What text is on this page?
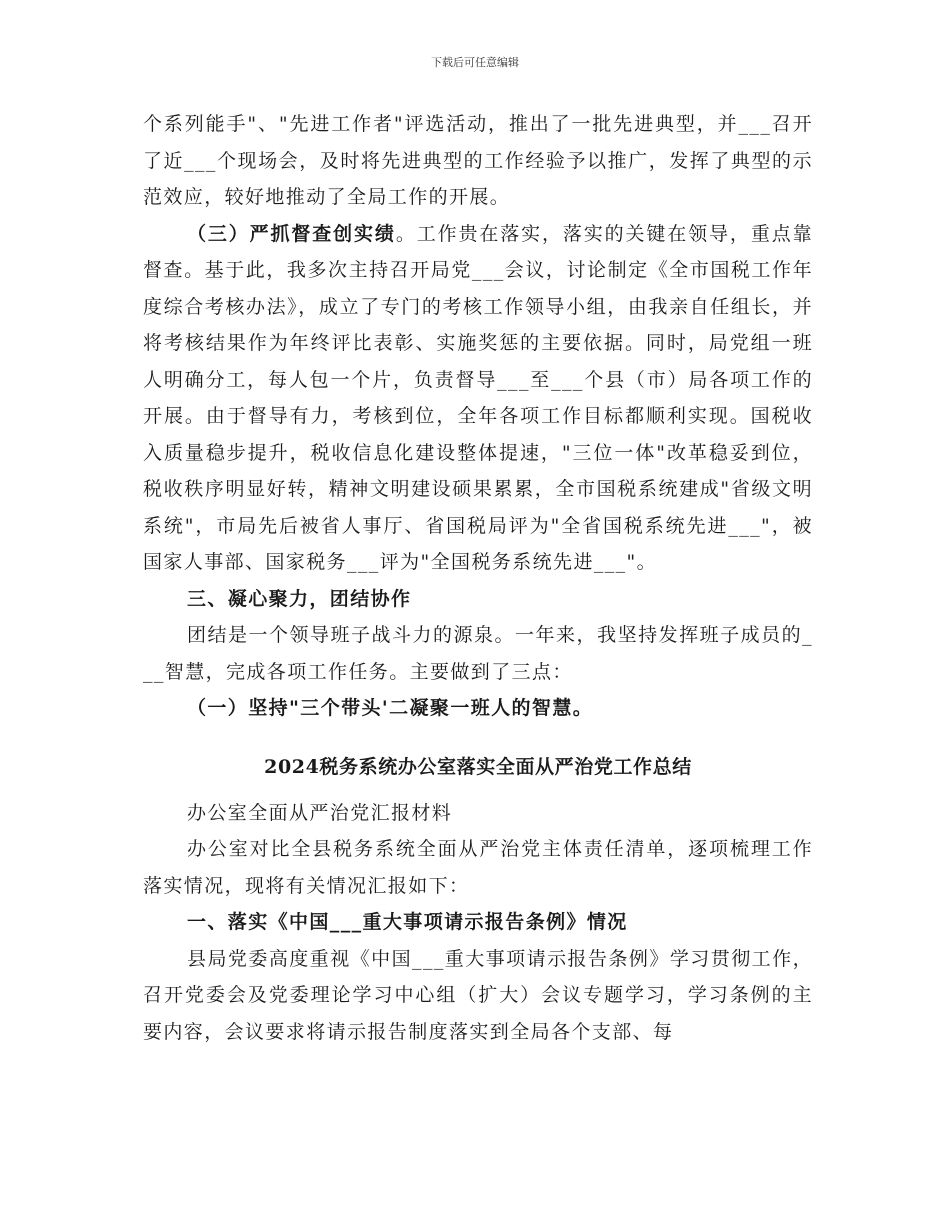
下载后可任意编辑

个系列能手"、"先进工作者"评选活动，推出了一批先进典型，并___召开了近___个现场会，及时将先进典型的工作经验予以推广，发挥了典型的示范效应，较好地推动了全局工作的开展。

（三）严抓督查创实绩。工作贵在落实，落实的关键在领导，重点靠督查。基于此，我多次主持召开局党___会议，讨论制定《全市国税工作年度综合考核办法》，成立了专门的考核工作领导小组，由我亲自任组长，并将考核结果作为年终评比表彰、实施奖惩的主要依据。同时，局党组一班人明确分工，每人包一个片，负责督导___至___个县（市）局各项工作的开展。由于督导有力，考核到位，全年各项工作目标都顺利实现。国税收入质量稳步提升，税收信息化建设整体提速，"三位一体"改革稳妥到位，税收秩序明显好转，精神文明建设硕果累累，全市国税系统建成"省级文明系统"，市局先后被省人事厅、省国税局评为"全省国税系统先进___"，被国家人事部、国家税务___评为"全国税务系统先进___"。

三、凝心聚力，团结协作

团结是一个领导班子战斗力的源泉。一年来，我坚持发挥班子成员的___智慧，完成各项工作任务。主要做到了三点：

（一）坚持"三个带头'二凝聚一班人的智慧。

2024税务系统办公室落实全面从严治党工作总结

办公室全面从严治党汇报材料

办公室对比全县税务系统全面从严治党主体责任清单，逐项梳理工作落实情况，现将有关情况汇报如下：

一、落实《中国___重大事项请示报告条例》情况

县局党委高度重视《中国___重大事项请示报告条例》学习贯彻工作，召开党委会及党委理论学习中心组（扩大）会议专题学习，学习条例的主要内容，会议要求将请示报告制度落实到全局各个支部、每
